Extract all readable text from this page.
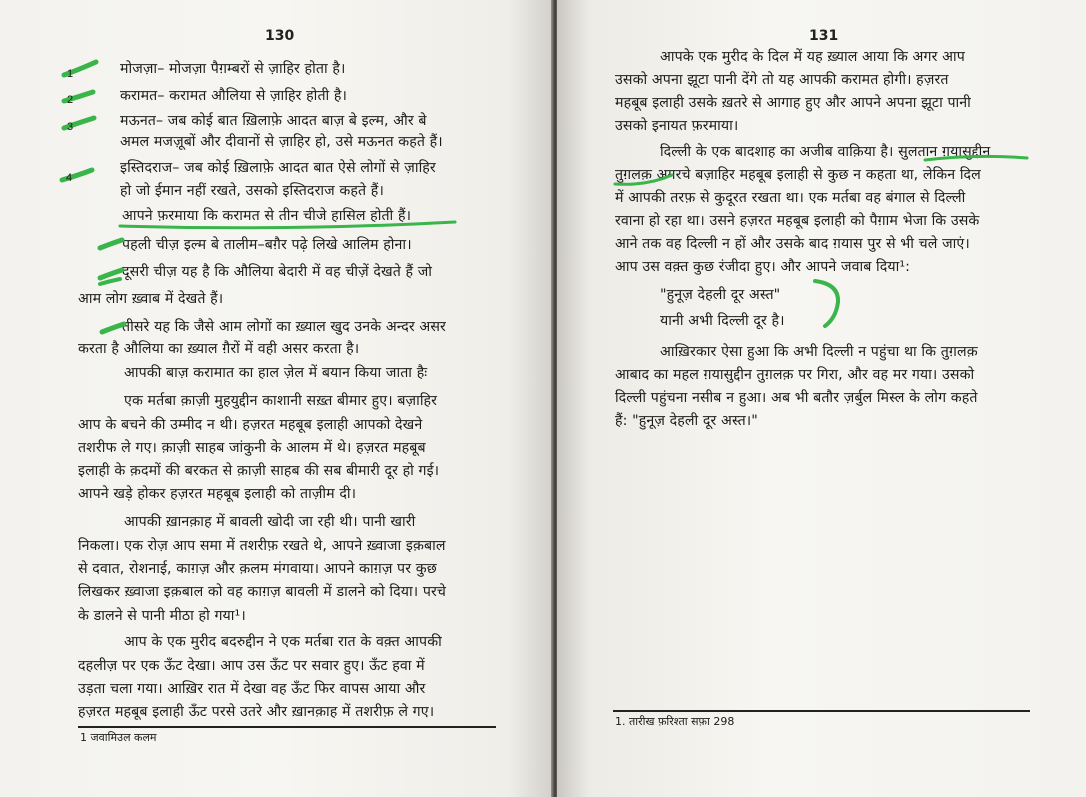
130

मोजज़ा– मोजज़ा पैग़म्बरों से ज़ाहिर होता है।

करामत– करामत औलिया से ज़ाहिर होती है।

मऊनत– जब कोई बात ख़िलाफ़े आदत बाज़ बे इल्म, और बे

अमल मजज़ूबों और दीवानों से ज़ाहिर हो, उसे मऊनत कहते हैं।

इस्तिदराज– जब कोई ख़िलाफ़े आदत बात ऐसे लोगों से ज़ाहिर

हो जो ईमान नहीं रखते, उसको इस्तिदराज कहते हैं।

आपने फ़रमाया कि करामत से तीन चीजे हासिल होती हैं।

पहली चीज़ इल्म बे तालीम–बग़ैर पढ़े लिखे आलिम होना।

दूसरी चीज़ यह है कि औलिया बेदारी में वह चीज़ें देखते हैं जो

आम लोग ख़्वाब में देखते हैं।

तीसरे यह कि जैसे आम लोगों का ख़्याल खुद उनके अन्दर असर

करता है औलिया का ख़्याल ग़ैरों में वही असर करता है।

आपकी बाज़ करामात का हाल ज़ेल में बयान किया जाता हैः

एक मर्तबा क़ाज़ी मुहयुद्दीन काशानी सख़्त बीमार हुए। बज़ाहिर

आप के बचने की उम्मीद न थी। हज़रत महबूब इलाही आपको देखने

तशरीफ ले गए। क़ाज़ी साहब जांकुनी के आलम में थे। हज़रत महबूब

इलाही के क़दमों की बरकत से क़ाज़ी साहब की सब बीमारी दूर हो गई।

आपने खड़े होकर हज़रत महबूब इलाही को ताज़ीम दी।

आपकी ख़ानक़ाह में बावली खोदी जा रही थी। पानी खारी

निकला। एक रोज़ आप समा में तशरीफ़ रखते थे, आपने ख़्वाजा इक़बाल

से दवात, रोशनाई, काग़ज़ और क़लम मंगवाया। आपने काग़ज़ पर कुछ

लिखकर ख़्वाजा इक़बाल को वह काग़ज़ बावली में डालने को दिया। परचे

के डालने से पानी मीठा हो गया¹।

आप के एक मुरीद बदरुद्दीन ने एक मर्तबा रात के वक़्त आपकी

दहलीज़ पर एक ऊँट देखा। आप उस ऊँट पर सवार हुए। ऊँट हवा में

उड़ता चला गया। आख़िर रात में देखा वह ऊँट फिर वापस आया और

हज़रत महबूब इलाही ऊँट परसे उतरे और ख़ानक़ाह में तशरीफ़ ले गए।

1 जवामिउल कलम

1
2
3
4
131

आपके एक मुरीद के दिल में यह ख़्याल आया कि अगर आप

उसको अपना झूटा पानी देंगे तो यह आपकी करामत होगी। हज़रत

महबूब इलाही उसके ख़तरे से आगाह हुए और आपने अपना झूटा पानी

उसको इनायत फ़रमाया।

दिल्ली के एक बादशाह का अजीब वाक़िया है। सुलतान ग़यासुद्दीन

तुग़लक़ अगरचे बज़ाहिर महबूब इलाही से कुछ न कहता था, लेकिन दिल

में आपकी तरफ़ से कुदूरत रखता था। एक मर्तबा वह बंगाल से दिल्ली

रवाना हो रहा था। उसने हज़रत महबूब इलाही को पैग़ाम भेजा कि उसके

आने तक वह दिल्ली न हों और उसके बाद ग़यास पुर से भी चले जाएं।

आप उस वक़्त कुछ रंजीदा हुए। और आपने जवाब दिया¹:

"हुनूज़ देहली दूर अस्त"

यानी अभी दिल्ली दूर है।

आख़िरकार ऐसा हुआ कि अभी दिल्ली न पहुंचा था कि तुग़लक़

आबाद का महल ग़यासुद्दीन तुग़लक़ पर गिरा, और वह मर गया। उसको

दिल्ली पहुंचना नसीब न हुआ। अब भी बतौर ज़र्बुल मिस्ल के लोग कहते

हैं: "हुनूज़ देहली दूर अस्त।"

1. तारीख फ़रिश्ता सफ़ा 298
